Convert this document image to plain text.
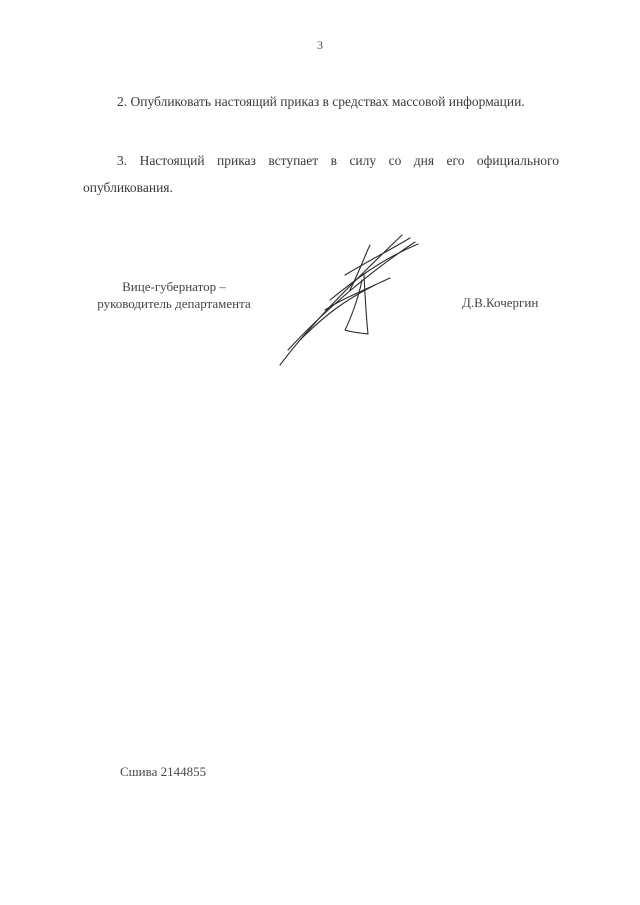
3
2. Опубликовать настоящий приказ в средствах массовой информации.
3. Настоящий приказ вступает в силу со дня его официального опубликования.
Вице-губернатор –
руководитель департамента	Д.В.Кочергин
Сшива 2144855
